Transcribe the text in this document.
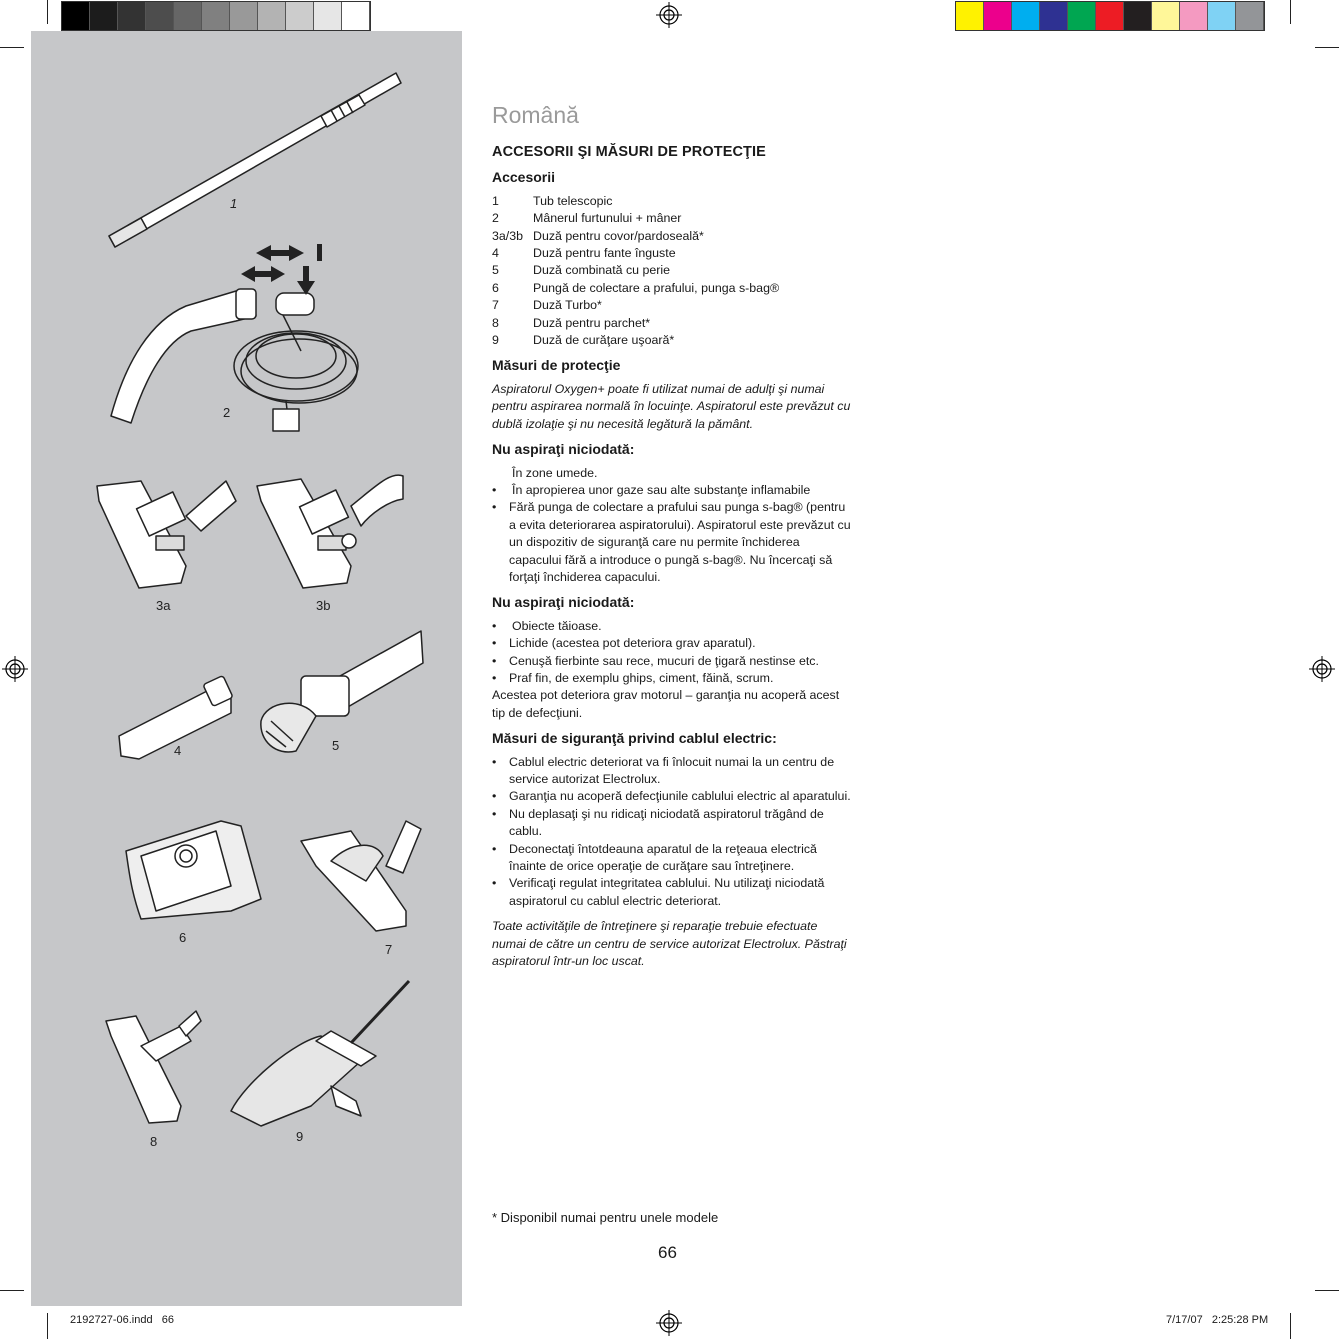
1
2
3a	3b
4	5
6
7
8	9
Română
ACCESORII ŞI MĂSURI DE PROTECŢIE
Accesorii
1	Tub telescopic
2	Mânerul furtunului + mâner
3a/3b Duză pentru covor/pardoseală*
4	Duză pentru fante înguste
5	Duză combinată cu perie
6	Pungă de colectare a prafului, punga s-bag®
7	Duză Turbo*
8	Duză pentru parchet*
9	Duză de curăţare uşoară*
Măsuri de protecţie

Aspiratorul Oxygen+ poate fi utilizat numai de adulţi şi numai pentru aspirarea normală în locuinţe. Aspiratorul este prevăzut cu dublă izolaţie şi nu necesită legătură la pământ.

Nu aspiraţi niciodată:
În zone umede.
• În apropierea unor gaze sau alte substanţe inflamabile
• Fără punga de colectare a prafului sau punga s-bag® (pentru a evita deteriorarea aspiratorului). Aspiratorul este prevăzut cu un dispozitiv de siguranţă care nu permite închiderea capacului fără a introduce o pungă s-bag®. Nu încercaţi să forţaţi închiderea capacului.
Nu aspiraţi niciodată:
• Obiecte tăioase.
• Lichide (acestea pot deteriora grav aparatul).
• Cenuşă fierbinte sau rece, mucuri de ţigară nestinse etc.
• Praf fin, de exemplu ghips, ciment, făină, scrum.

Acestea pot deteriora grav motorul – garanţia nu acoperă acest tip de defecţiuni.

Măsuri de siguranţă privind cablul electric:
• Cablul electric deteriorat va fi înlocuit numai la un centru de service autorizat Electrolux.
• Garanţia nu acoperă defecţiunile cablului electric al aparatului.
• Nu deplasaţi şi nu ridicaţi niciodată aspiratorul trăgând de cablu.
• Deconectaţi întotdeauna aparatul de la reţeaua electrică înainte de orice operaţie de curăţare sau întreţinere.
• Verificaţi regulat integritatea cablului. Nu utilizaţi niciodată aspiratorul cu cablul electric deteriorat.

Toate activităţile de întreţinere şi reparaţie trebuie efectuate numai de către un centru de service autorizat Electrolux. Păstraţi aspiratorul într-un loc uscat.

* Disponibil numai pentru unele modele
66
2192727-06.indd   66	7/17/07   2:25:28 PM
